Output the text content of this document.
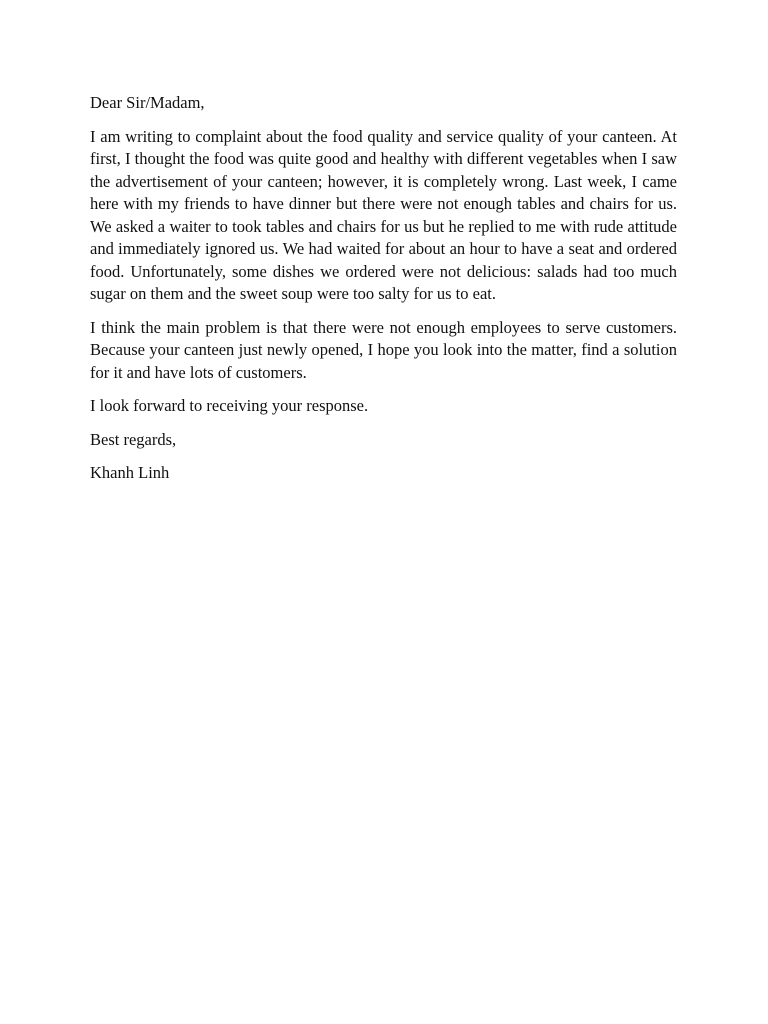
Dear Sir/Madam,

I am writing to complaint about the food quality and service quality of your canteen. At first, I thought the food was quite good and healthy with different vegetables when I saw the advertisement of your canteen; however, it is completely wrong. Last week, I came here with my friends to have dinner but there were not enough tables and chairs for us. We asked a waiter to took tables and chairs for us but he replied to me with rude attitude and immediately ignored us. We had waited for about an hour to have a seat and ordered food. Unfortunately, some dishes we ordered were not delicious: salads had too much sugar on them and the sweet soup were too salty for us to eat.

I think the main problem is that there were not enough employees to serve customers. Because your canteen just newly opened, I hope you look into the matter, find a solution for it and have lots of customers.

I look forward to receiving your response.

Best regards,

Khanh Linh
